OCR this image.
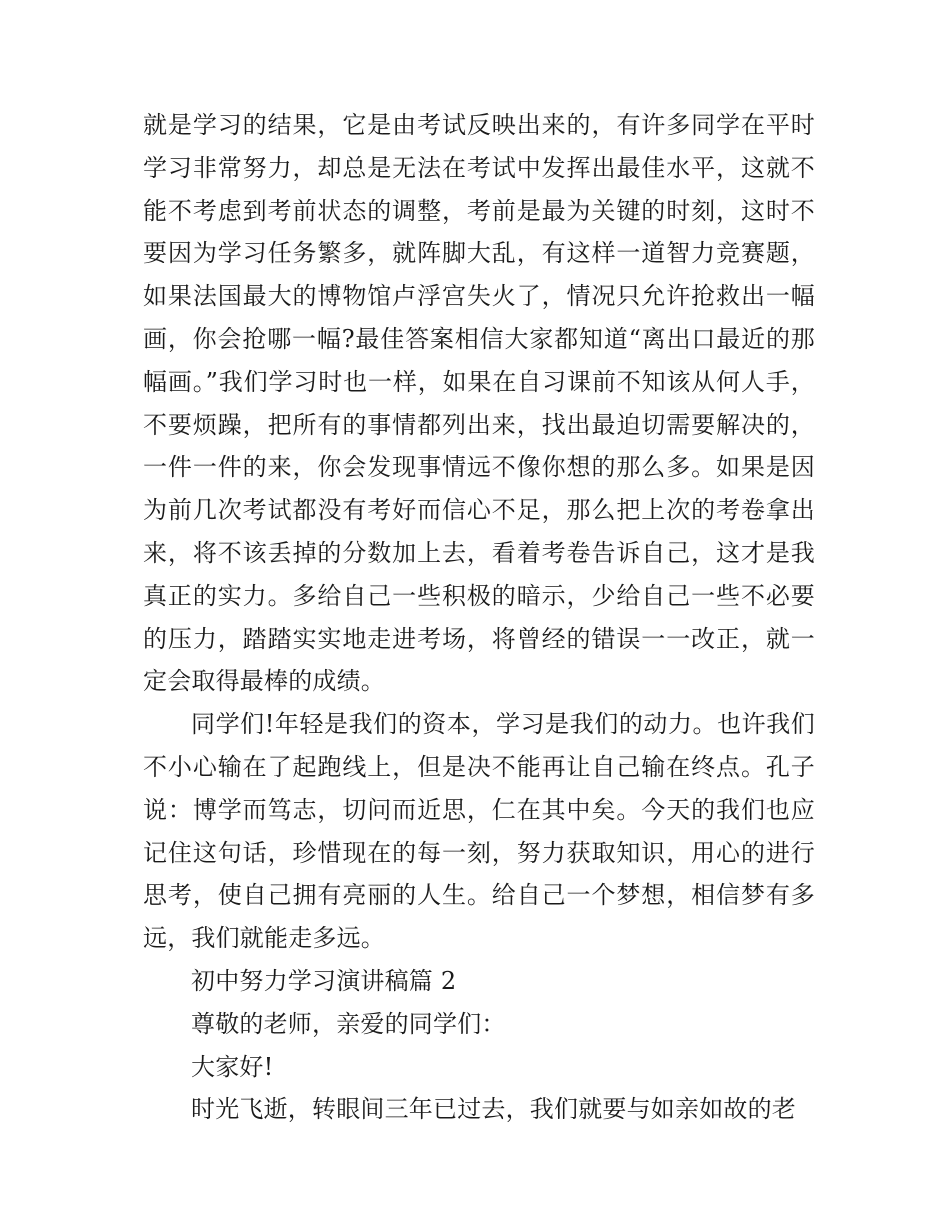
就是学习的结果，它是由考试反映出来的，有许多同学在平时学习非常努力，却总是无法在考试中发挥出最佳水平，这就不能不考虑到考前状态的调整，考前是最为关键的时刻，这时不要因为学习任务繁多，就阵脚大乱，有这样一道智力竞赛题，如果法国最大的博物馆卢浮宫失火了，情况只允许抢救出一幅画，你会抢哪一幅?最佳答案相信大家都知道“离出口最近的那幅画。”我们学习时也一样，如果在自习课前不知该从何人手，不要烦躁，把所有的事情都列出来，找出最迫切需要解决的，一件一件的来，你会发现事情远不像你想的那么多。如果是因为前几次考试都没有考好而信心不足，那么把上次的考卷拿出来，将不该丢掉的分数加上去，看着考卷告诉自己，这才是我真正的实力。多给自己一些积极的暗示，少给自己一些不必要的压力，踏踏实实地走进考场，将曾经的错误一一改正，就一定会取得最棒的成绩。

同学们!年轻是我们的资本，学习是我们的动力。也许我们不小心输在了起跑线上，但是决不能再让自己输在终点。孔子说：博学而笃志，切问而近思，仁在其中矣。今天的我们也应记住这句话，珍惜现在的每一刻，努力获取知识，用心的进行思考，使自己拥有亮丽的人生。给自己一个梦想，相信梦有多远，我们就能走多远。

初中努力学习演讲稿篇 2

尊敬的老师，亲爱的同学们：

大家好!

时光飞逝，转眼间三年已过去，我们就要与如亲如故的老
